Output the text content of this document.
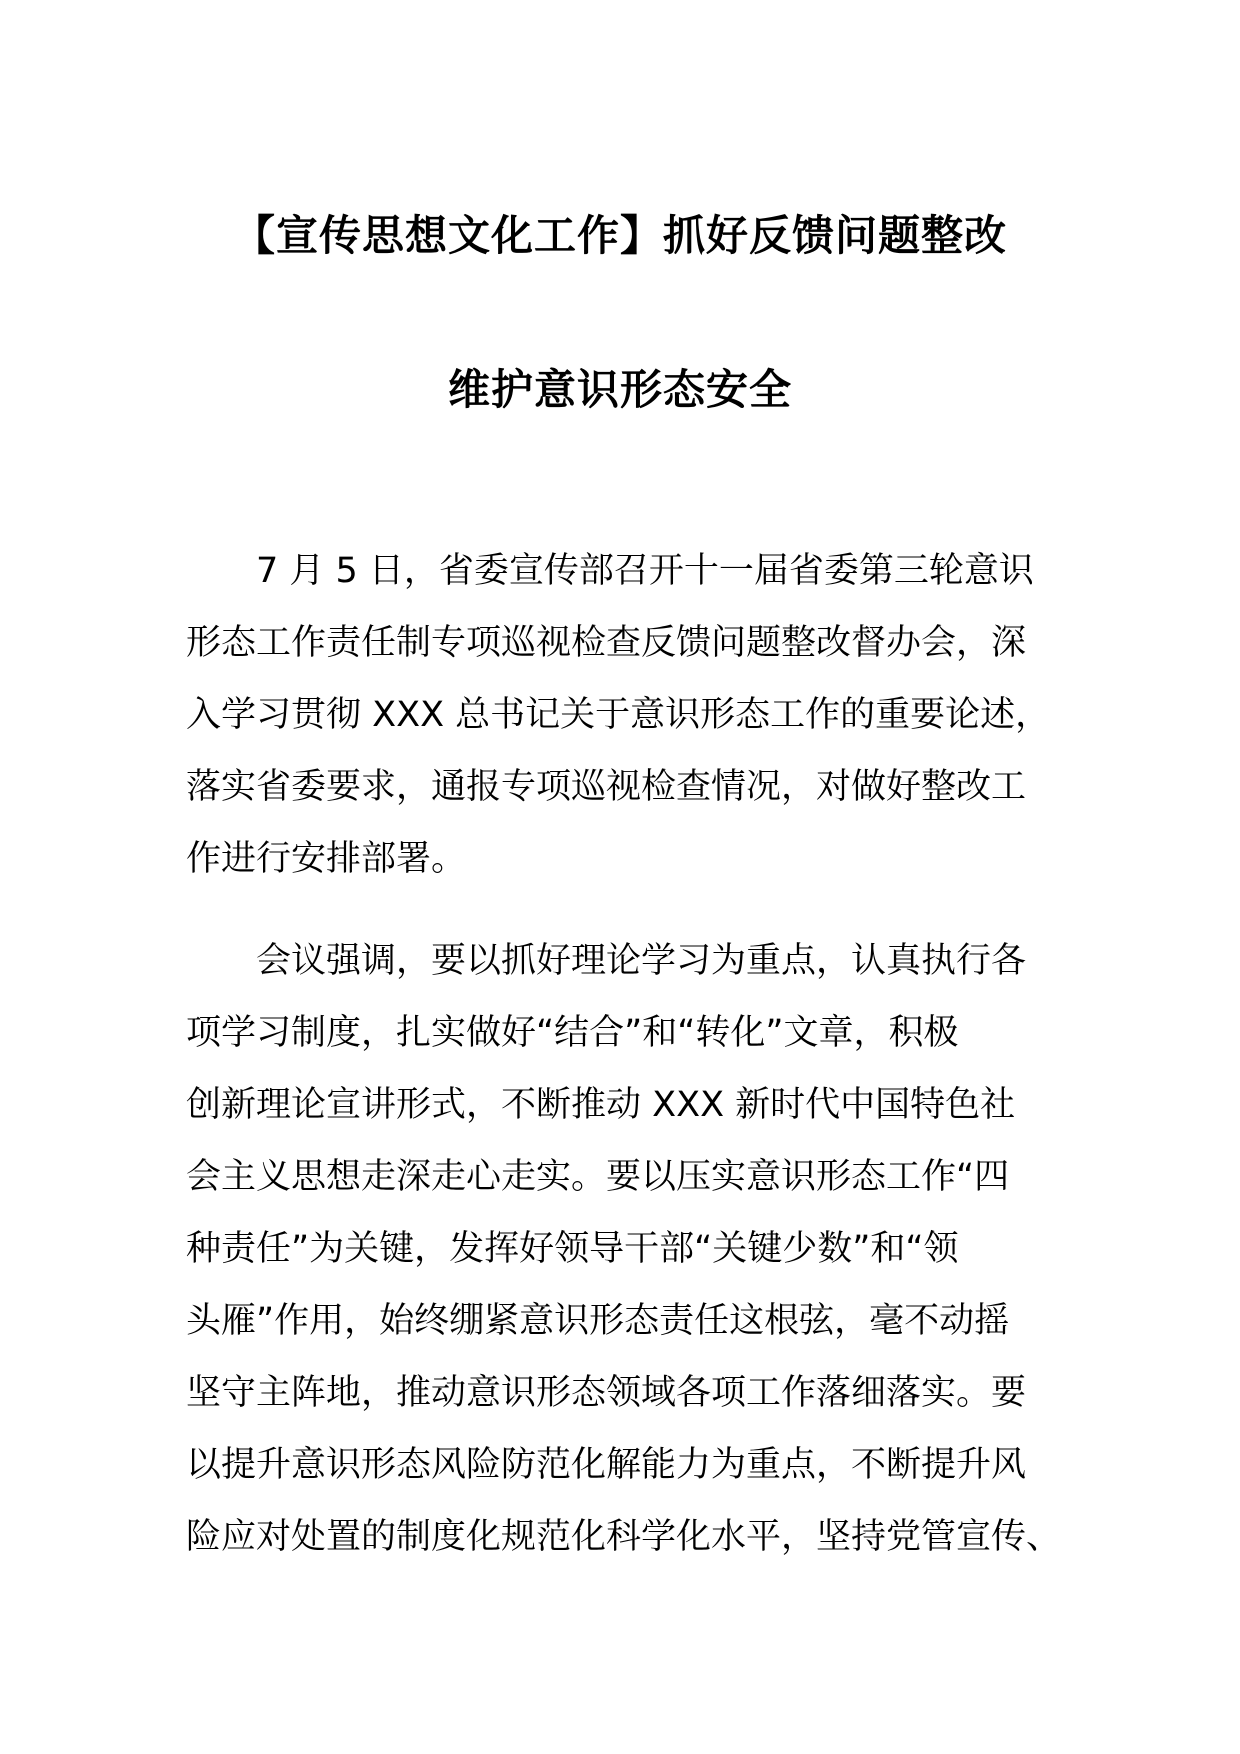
【宣传思想文化工作】抓好反馈问题整改
维护意识形态安全

　　7 月 5 日，省委宣传部召开十一届省委第三轮意识
形态工作责任制专项巡视检查反馈问题整改督办会，深
入学习贯彻 XXX 总书记关于意识形态工作的重要论述，
落实省委要求，通报专项巡视检查情况，对做好整改工
作进行安排部署。

　　会议强调，要以抓好理论学习为重点，认真执行各
项学习制度，扎实做好“结合”和“转化”文章，积极
创新理论宣讲形式，不断推动 XXX 新时代中国特色社
会主义思想走深走心走实。要以压实意识形态工作“四
种责任”为关键，发挥好领导干部“关键少数”和“领
头雁”作用，始终绷紧意识形态责任这根弦，毫不动摇
坚守主阵地，推动意识形态领域各项工作落细落实。要
以提升意识形态风险防范化解能力为重点，不断提升风
险应对处置的制度化规范化科学化水平，坚持党管宣传、
